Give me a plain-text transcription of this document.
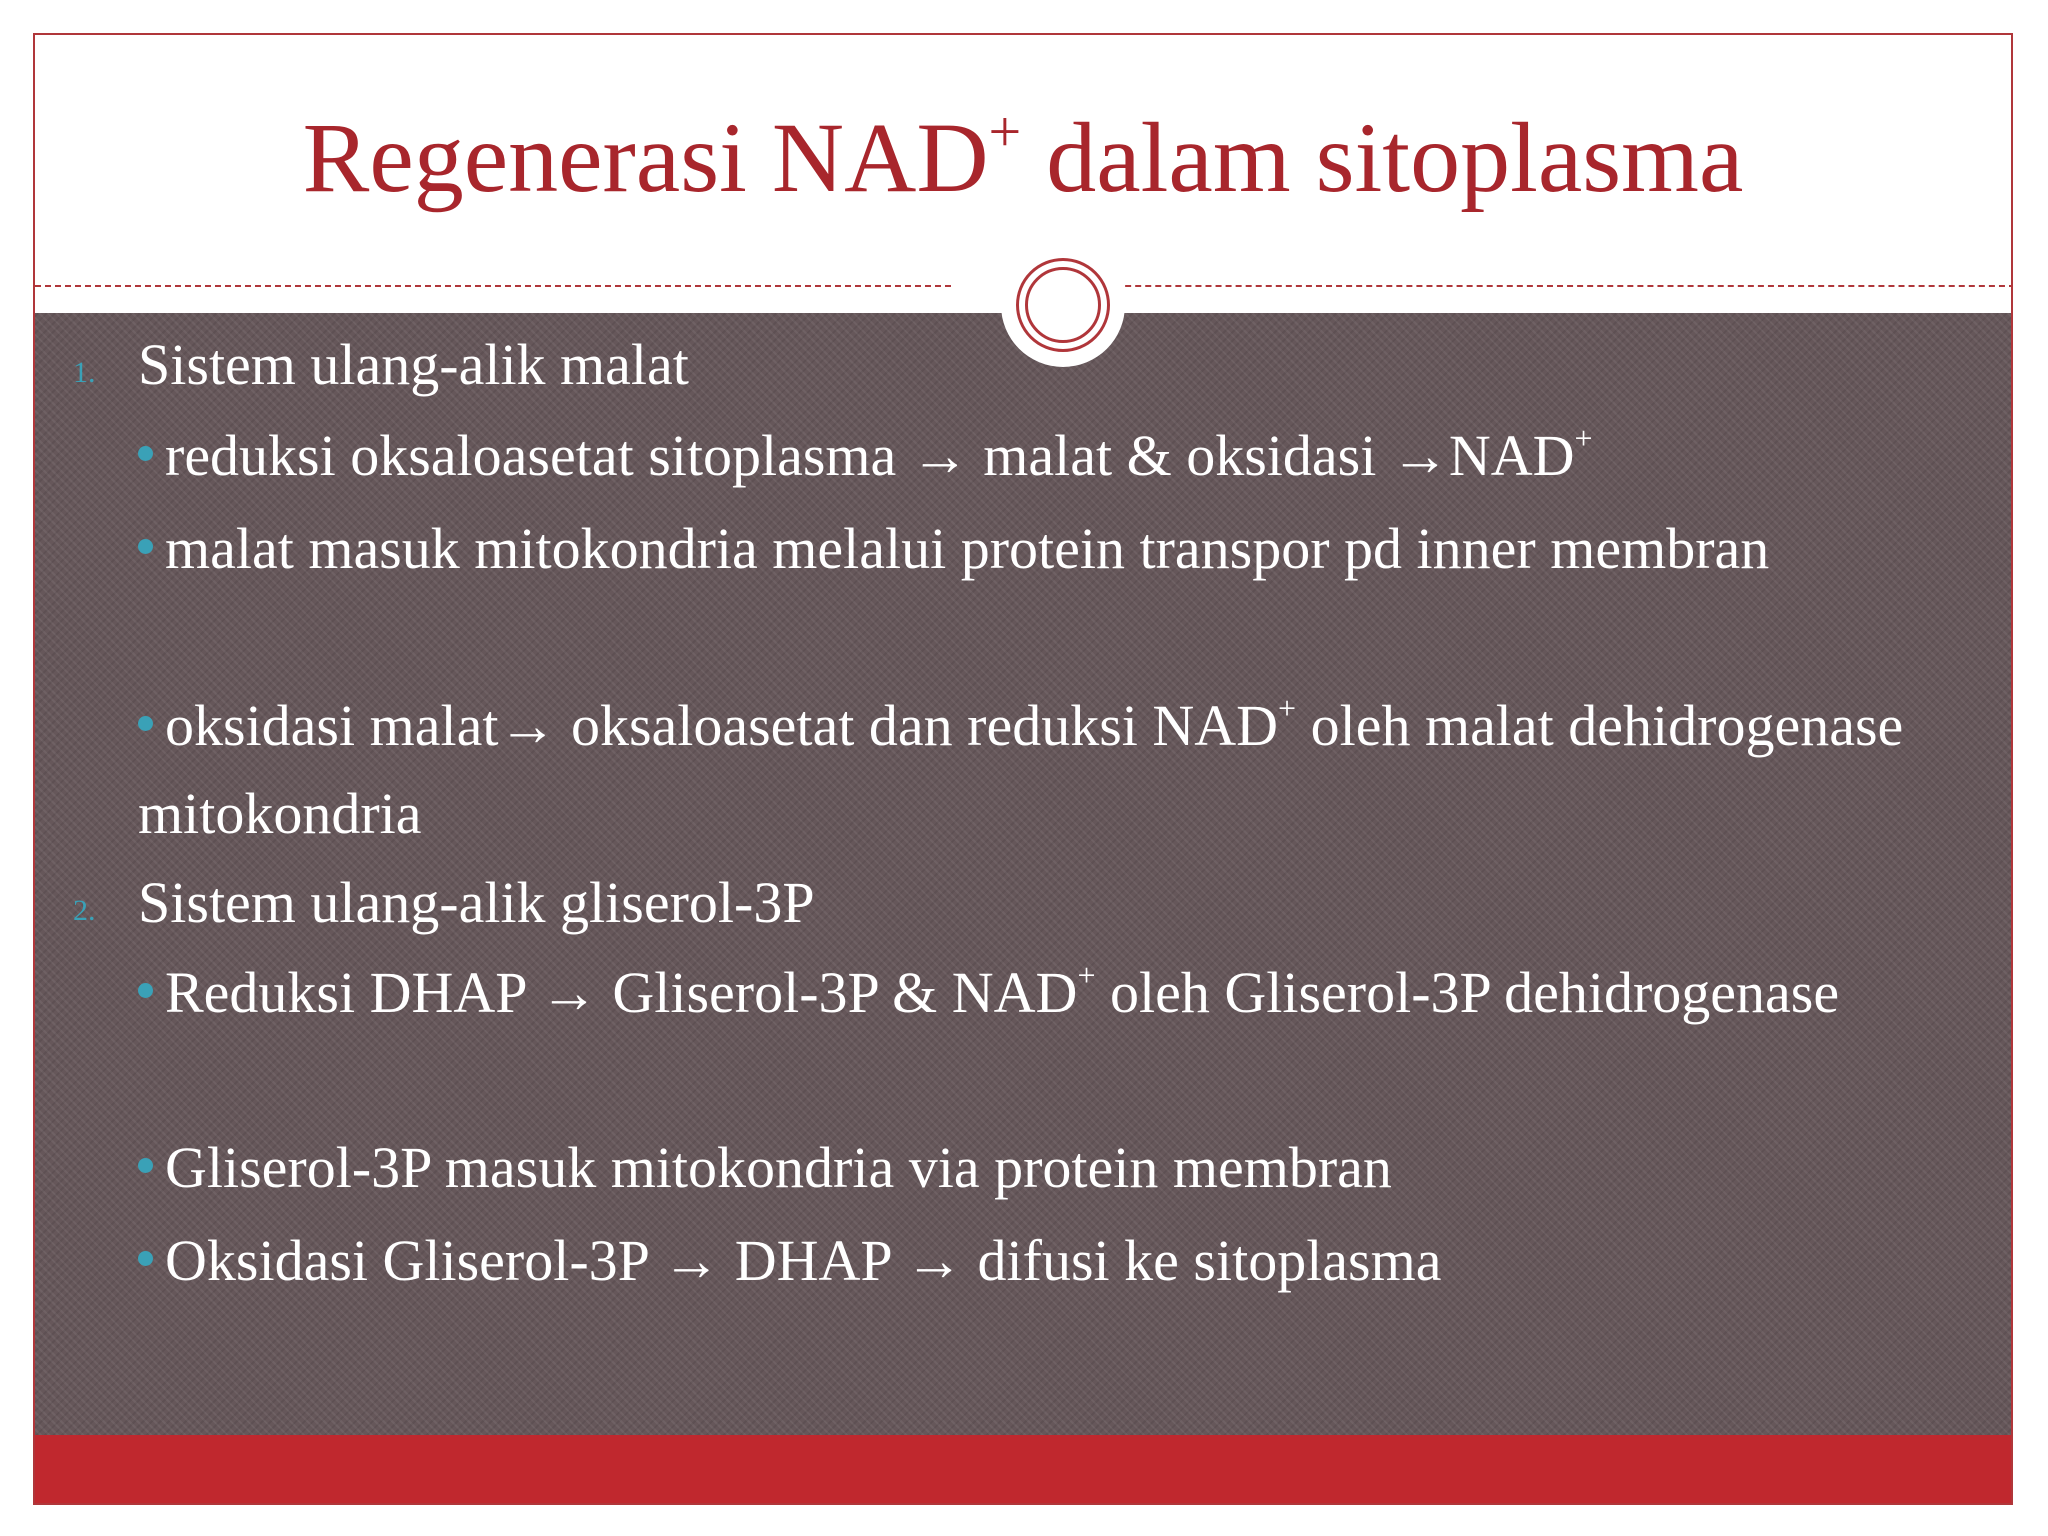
Regenerasi NAD+ dalam sitoplasma
1. Sistem ulang-alik malat
reduksi oksaloasetat sitoplasma → malat & oksidasi →NAD+
malat masuk mitokondria melalui protein transpor pd inner membran
oksidasi malat→ oksaloasetat dan reduksi NAD+ oleh malat dehidrogenase mitokondria
2. Sistem ulang-alik gliserol-3P
Reduksi DHAP → Gliserol-3P & NAD+ oleh Gliserol-3P dehidrogenase
Gliserol-3P masuk mitokondria via protein membran
Oksidasi Gliserol-3P → DHAP → difusi ke sitoplasma
